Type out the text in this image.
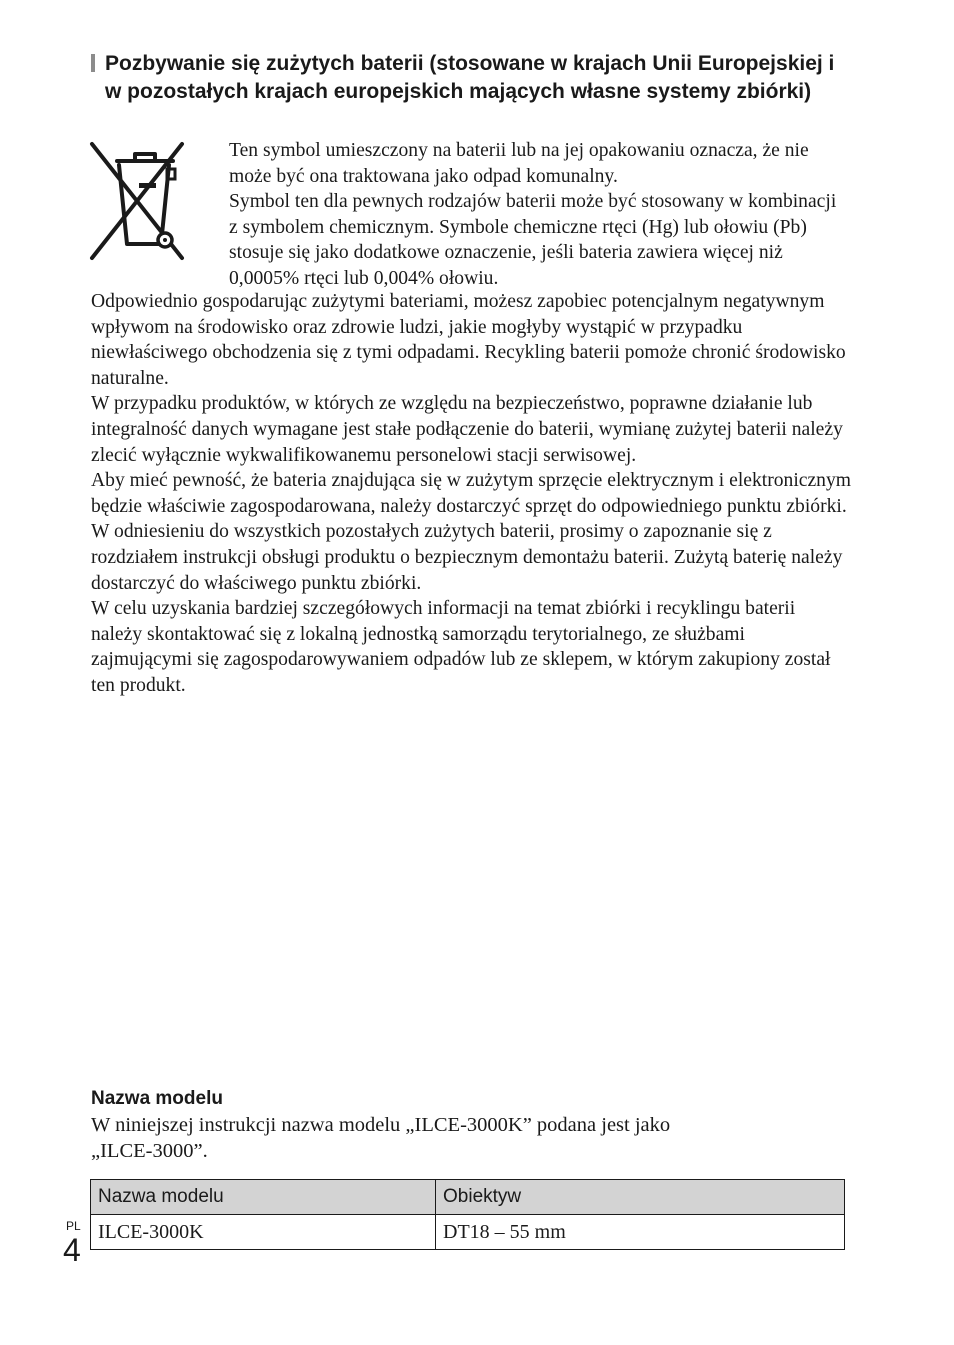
Pozbywanie się zużytych baterii (stosowane w krajach Unii Europejskiej i w pozostałych krajach europejskich mających własne systemy zbiórki)

Ten symbol umieszczony na baterii lub na jej opakowaniu oznacza, że nie może być ona traktowana jako odpad komunalny.

Symbol ten dla pewnych rodzajów baterii może być stosowany w kombinacji z symbolem chemicznym. Symbole chemiczne rtęci (Hg) lub ołowiu (Pb) stosuje się jako dodatkowe oznaczenie, jeśli bateria zawiera więcej niż 0,0005% rtęci lub 0,004% ołowiu.

Odpowiednio gospodarując zużytymi bateriami, możesz zapobiec potencjalnym negatywnym wpływom na środowisko oraz zdrowie ludzi, jakie mogłyby wystąpić w przypadku niewłaściwego obchodzenia się z tymi odpadami. Recykling baterii pomoże chronić środowisko naturalne.

W przypadku produktów, w których ze względu na bezpieczeństwo, poprawne działanie lub integralność danych wymagane jest stałe podłączenie do baterii, wymianę zużytej baterii należy zlecić wyłącznie wykwalifikowanemu personelowi stacji serwisowej.

Aby mieć pewność, że bateria znajdująca się w zużytym sprzęcie elektrycznym i elektronicznym będzie właściwie zagospodarowana, należy dostarczyć sprzęt do odpowiedniego punktu zbiórki.

W odniesieniu do wszystkich pozostałych zużytych baterii, prosimy o zapoznanie się z rozdziałem instrukcji obsługi produktu o bezpiecznym demontażu baterii. Zużytą baterię należy dostarczyć do właściwego punktu zbiórki.

W celu uzyskania bardziej szczegółowych informacji na temat zbiórki i recyklingu baterii należy skontaktować się z lokalną jednostką samorządu terytorialnego, ze służbami zajmującymi się zagospodarowywaniem odpadów lub ze sklepem, w którym zakupiony został ten produkt.

Nazwa modelu

W niniejszej instrukcji nazwa modelu „ILCE-3000K” podana jest jako

„ILCE-3000”.

Nazwa modelu	Obiektyw
ILCE-3000K	DT18 – 55 mm
PL
4
